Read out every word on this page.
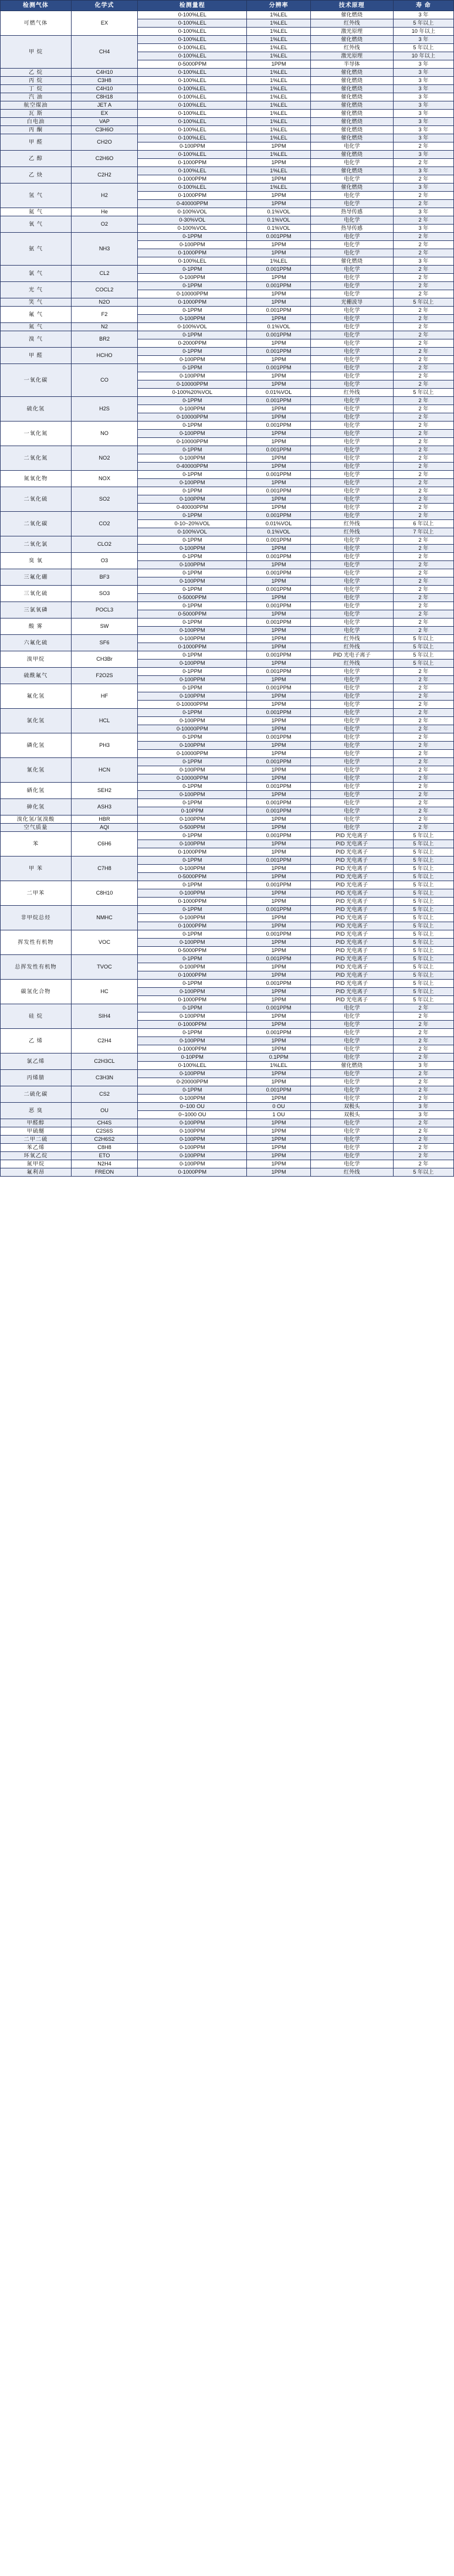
检测气体	化学式	检测量程	分辨率	技术原理	寿 命
可燃气体	EX	0-100%LEL	1%LEL	催化燃烧	3 年
		0-100%LEL	1%LEL	红外线	5 年以上
		0-100%LEL	1%LEL	激光原理	10 年以上
甲 烷	CH4	0-100%LEL	1%LEL	催化燃烧	3 年
		0-100%LEL	1%LEL	红外线	5 年以上
		0-100%LEL	1%LEL	激光原理	10 年以上
		0-5000PPM	1PPM	半导体	3 年
乙 烷	C4H10	0-100%LEL	1%LEL	催化燃烧	3 年
丙 烷	C3H8	0-100%LEL	1%LEL	催化燃烧	3 年
丁 烷	C4H10	0-100%LEL	1%LEL	催化燃烧	3 年
汽 油	C8H18	0-100%LEL	1%LEL	催化燃烧	3 年
航空煤油	JET A	0-100%LEL	1%LEL	催化燃烧	3 年
瓦 斯	EX	0-100%LEL	1%LEL	催化燃烧	3 年
白电油	VAP	0-100%LEL	1%LEL	催化燃烧	3 年
丙 酮	C3H6O	0-100%LEL	1%LEL	催化燃烧	3 年
甲 醛	CH2O	0-100%LEL	1%LEL	催化燃烧	3 年
		0-100PPM	1PPM	电化学	2 年
乙 醇	C2H6O	0-100%LEL	1%LEL	催化燃烧	3 年
		0-1000PPM	1PPM	电化学	2 年
乙 炔	C2H2	0-100%LEL	1%LEL	催化燃烧	3 年
		0-1000PPM	1PPM	电化学	2 年
氢 气	H2	0-100%LEL	1%LEL	催化燃烧	3 年
		0-1000PPM	1PPM	电化学	2 年
		0-40000PPM	1PPM	电化学	2 年
氦 气	He	0-100%VOL	0.1%VOL	热导传感	3 年
氧 气	O2	0-30%VOL	0.1%VOL	电化学	2 年
		0-100%VOL	0.1%VOL	热导传感	3 年
氨 气	NH3	0-1PPM	0.001PPM	电化学	2 年
		0-100PPM	1PPM	电化学	2 年
		0-1000PPM	1PPM	电化学	2 年
		0-100%LEL	1%LEL	催化燃烧	3 年
氯 气	CL2	0-1PPM	0.001PPM	电化学	2 年
		0-100PPM	1PPM	电化学	2 年
光 气	COCL2	0-1PPM	0.001PPM	电化学	2 年
		0-10000PPM	1PPM	电化学	2 年
笑 气	N2O	0-1000PPM	1PPM	光栅波导	5 年以上
氟 气	F2	0-1PPM	0.001PPM	电化学	2 年
		0-100PPM	1PPM	电化学	2 年
氮 气	N2	0-100%VOL	0.1%VOL	电化学	2 年
溴 气	BR2	0-1PPM	0.001PPM	电化学	2 年
		0-2000PPM	1PPM	电化学	2 年
甲 醛	HCHO	0-1PPM	0.001PPM	电化学	2 年
		0-100PPM	1PPM	电化学	2 年
一氧化碳	CO	0-1PPM	0.001PPM	电化学	2 年
		0-100PPM	1PPM	电化学	2 年
		0-10000PPM	1PPM	电化学	2 年
		0-100%20%VOL	0.01%VOL	红外线	5 年以上
硫化氢	H2S	0-1PPM	0.001PPM	电化学	2 年
		0-100PPM	1PPM	电化学	2 年
		0-10000PPM	1PPM	电化学	2 年
一氧化氮	NO	0-1PPM	0.001PPM	电化学	2 年
		0-100PPM	1PPM	电化学	2 年
		0-10000PPM	1PPM	电化学	2 年
二氧化氮	NO2	0-1PPM	0.001PPM	电化学	2 年
		0-100PPM	1PPM	电化学	2 年
		0-40000PPM	1PPM	电化学	2 年
氮氧化物	NOX	0-1PPM	0.001PPM	电化学	2 年
		0-100PPM	1PPM	电化学	2 年
二氧化硫	SO2	0-1PPM	0.001PPM	电化学	2 年
		0-100PPM	1PPM	电化学	2 年
		0-40000PPM	1PPM	电化学	2 年
二氧化碳	CO2	0-1PPM	0.001PPM	电化学	2 年
		0-10~20%VOL	0.01%VOL	红外线	6 年以上
		0-100%VOL	0.1%VOL	红外线	7 年以上
二氧化氯	CLO2	0-1PPM	0.001PPM	电化学	2 年
		0-100PPM	1PPM	电化学	2 年
臭 氧	O3	0-1PPM	0.001PPM	电化学	2 年
		0-100PPM	1PPM	电化学	2 年
三氟化硼	BF3	0-1PPM	0.001PPM	电化学	2 年
		0-100PPM	1PPM	电化学	2 年
三氧化硫	SO3	0-1PPM	0.001PPM	电化学	2 年
		0-5000PPM	1PPM	电化学	2 年
三氯氧磷	POCL3	0-1PPM	0.001PPM	电化学	2 年
		0-5000PPM	1PPM	电化学	2 年
酸 雾	SW	0-1PPM	0.001PPM	电化学	2 年
		0-100PPM	1PPM	电化学	2 年
六氟化硫	SF6	0-100PPM	1PPM	红外线	5 年以上
		0-1000PPM	1PPM	红外线	5 年以上
溴甲烷	CH3Br	0-1PPM	0.001PPM	PID 光电子离子	5 年以上
		0-100PPM	1PPM	红外线	5 年以上
硫酰氟气	F2O2S	0-1PPM	0.001PPM	电化学	2 年
		0-100PPM	1PPM	电化学	2 年
氟化氢	HF	0-1PPM	0.001PPM	电化学	2 年
		0-100PPM	1PPM	电化学	2 年
		0-10000PPM	1PPM	电化学	2 年
氯化氢	HCL	0-1PPM	0.001PPM	电化学	2 年
		0-100PPM	1PPM	电化学	2 年
		0-10000PPM	1PPM	电化学	2 年
磷化氢	PH3	0-1PPM	0.001PPM	电化学	2 年
		0-100PPM	1PPM	电化学	2 年
		0-10000PPM	1PPM	电化学	2 年
氰化氢	HCN	0-1PPM	0.001PPM	电化学	2 年
		0-100PPM	1PPM	电化学	2 年
		0-10000PPM	1PPM	电化学	2 年
硒化氢	SEH2	0-1PPM	0.001PPM	电化学	2 年
		0-100PPM	1PPM	电化学	2 年
砷化氢	ASH3	0-1PPM	0.001PPM	电化学	2 年
		0-10PPM	0.001PPM	电化学	2 年
溴化氢/氢溴酸	HBR	0-100PPM	1PPM	电化学	2 年
空气质量	AQI	0-500PPM	1PPM	电化学	2 年
苯	C6H6	0-1PPM	0.001PPM	PID 光电离子	5 年以上
		0-100PPM	1PPM	PID 光电离子	5 年以上
		0-1000PPM	1PPM	PID 光电离子	5 年以上
甲 苯	C7H8	0-1PPM	0.001PPM	PID 光电离子	5 年以上
		0-100PPM	1PPM	PID 光电离子	5 年以上
		0-5000PPM	1PPM	PID 光电离子	5 年以上
二甲苯	C8H10	0-1PPM	0.001PPM	PID 光电离子	5 年以上
		0-100PPM	1PPM	PID 光电离子	5 年以上
		0-1000PPM	1PPM	PID 光电离子	5 年以上
非甲烷总烃	NMHC	0-1PPM	0.001PPM	PID 光电离子	5 年以上
		0-100PPM	1PPM	PID 光电离子	5 年以上
		0-1000PPM	1PPM	PID 光电离子	5 年以上
挥发性有机物	VOC	0-1PPM	0.001PPM	PID 光电离子	5 年以上
		0-100PPM	1PPM	PID 光电离子	5 年以上
		0-5000PPM	1PPM	PID 光电离子	5 年以上
总挥发性有机物	TVOC	0-1PPM	0.001PPM	PID 光电离子	5 年以上
		0-100PPM	1PPM	PID 光电离子	5 年以上
		0-1000PPM	1PPM	PID 光电离子	5 年以上
碳氢化合物	HC	0-1PPM	0.001PPM	PID 光电离子	5 年以上
		0-100PPM	1PPM	PID 光电离子	5 年以上
		0-1000PPM	1PPM	PID 光电离子	5 年以上
硅 烷	SIH4	0-1PPM	0.001PPM	电化学	2 年
		0-100PPM	1PPM	电化学	2 年
		0-1000PPM	1PPM	电化学	2 年
乙 烯	C2H4	0-1PPM	0.001PPM	电化学	2 年
		0-100PPM	1PPM	电化学	2 年
		0-1000PPM	1PPM	电化学	2 年
氯乙烯	C2H3CL	0-10PPM	0.1PPM	电化学	2 年
		0-100%LEL	1%LEL	催化燃烧	3 年
丙烯腈	C3H3N	0-100PPM	1PPM	电化学	2 年
		0-20000PPM	1PPM	电化学	2 年
二硫化碳	CS2	0-1PPM	0.001PPM	电化学	2 年
		0-100PPM	1PPM	电化学	2 年
恶 臭	OU	0~100 OU	0 OU	双极头	3 年
		0~1000 OU	1 OU	双极头	3 年
甲醛醇	CH4S	0-100PPM	1PPM	电化学	2 年
甲硫醚	C2S6S	0-100PPM	1PPM	电化学	2 年
二甲二硫	C2H6S2	0-100PPM	1PPM	电化学	2 年
苯乙烯	C8H8	0-100PPM	1PPM	电化学	2 年
环氧乙烷	ETO	0-100PPM	1PPM	电化学	2 年
氮甲烷	N2H4	0-100PPM	1PPM	电化学	2 年
氟利昂	FREON	0-1000PPM	1PPM	红外线	5 年以上
